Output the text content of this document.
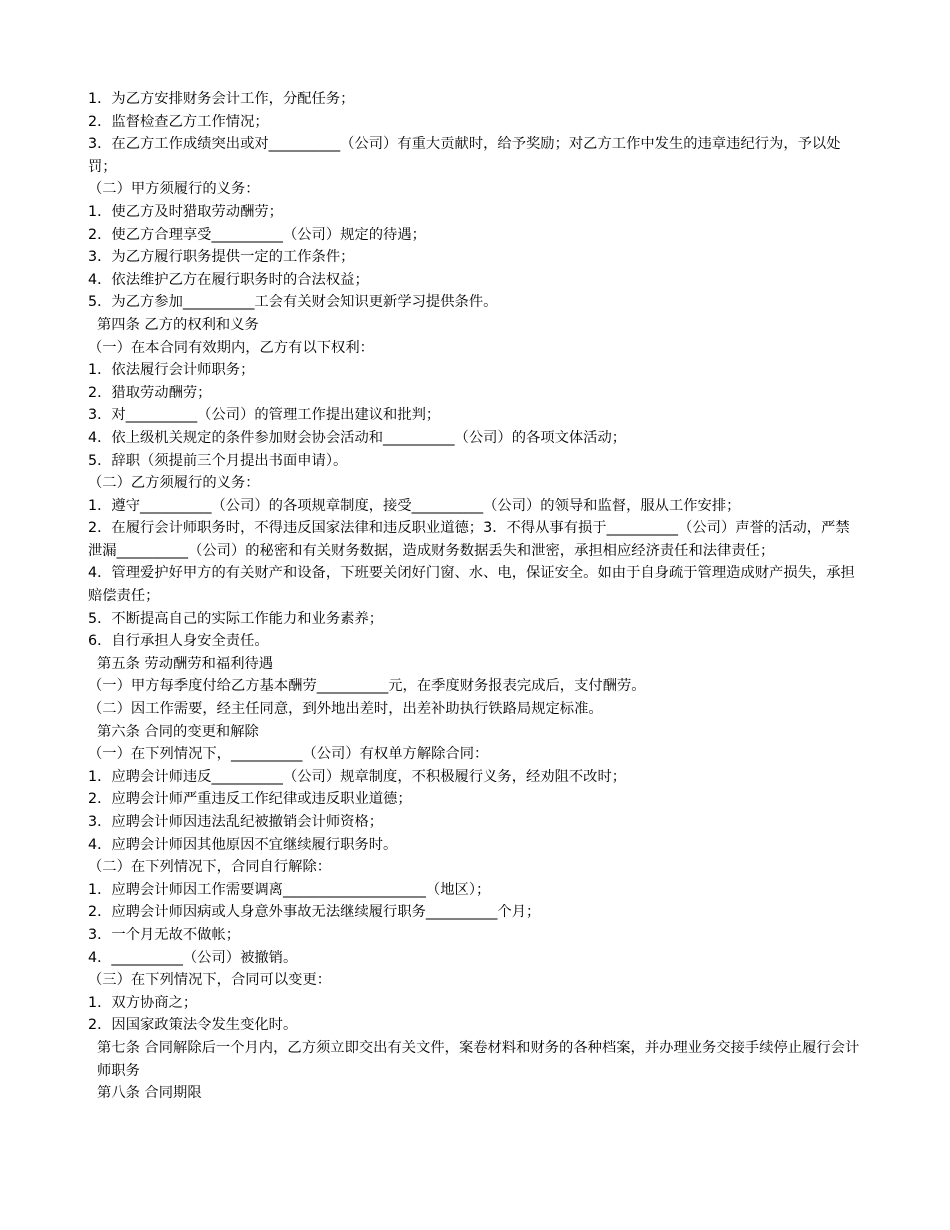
1．为乙方安排财务会计工作，分配任务；

2．监督检查乙方工作情况；

3．在乙方工作成绩突出或对__________（公司）有重大贡献时，给予奖励；对乙方工作中发生的违章违纪行为，予以处罚；

（二）甲方须履行的义务：

1．使乙方及时猎取劳动酬劳；

2．使乙方合理享受__________（公司）规定的待遇；

3．为乙方履行职务提供一定的工作条件；

4．依法维护乙方在履行职务时的合法权益；

5．为乙方参加__________工会有关财会知识更新学习提供条件。

第四条 乙方的权利和义务

（一）在本合同有效期内，乙方有以下权利：

1．依法履行会计师职务；

2．猎取劳动酬劳；

3．对__________（公司）的管理工作提出建议和批判；

4．依上级机关规定的条件参加财会协会活动和__________（公司）的各项文体活动；

5．辞职（须提前三个月提出书面申请）。

（二）乙方须履行的义务：

1．遵守__________（公司）的各项规章制度，接受__________（公司）的领导和监督，服从工作安排；

2．在履行会计师职务时，不得违反国家法律和违反职业道德；3．不得从事有损于__________（公司）声誉的活动，严禁泄漏__________（公司）的秘密和有关财务数据，造成财务数据丢失和泄密，承担相应经济责任和法律责任；

4．管理爱护好甲方的有关财产和设备，下班要关闭好门窗、水、电，保证安全。如由于自身疏于管理造成财产损失，承担赔偿责任；

5．不断提高自己的实际工作能力和业务素养；

6．自行承担人身安全责任。

第五条 劳动酬劳和福利待遇

（一）甲方每季度付给乙方基本酬劳__________元，在季度财务报表完成后，支付酬劳。

（二）因工作需要，经主任同意，到外地出差时，出差补助执行铁路局规定标准。

第六条 合同的变更和解除

（一）在下列情况下，__________（公司）有权单方解除合同：

1．应聘会计师违反__________（公司）规章制度，不积极履行义务，经劝阻不改时；

2．应聘会计师严重违反工作纪律或违反职业道德；

3．应聘会计师因违法乱纪被撤销会计师资格；

4．应聘会计师因其他原因不宜继续履行职务时。

（二）在下列情况下，合同自行解除：

1．应聘会计师因工作需要调离____________________（地区）；

2．应聘会计师因病或人身意外事故无法继续履行职务__________个月；

3．一个月无故不做帐；

4．__________（公司）被撤销。

（三）在下列情况下，合同可以变更：

1．双方协商之；

2．因国家政策法令发生变化时。

第七条 合同解除后一个月内，乙方须立即交出有关文件，案卷材料和财务的各种档案，并办理业务交接手续停止履行会计师职务

第八条 合同期限
